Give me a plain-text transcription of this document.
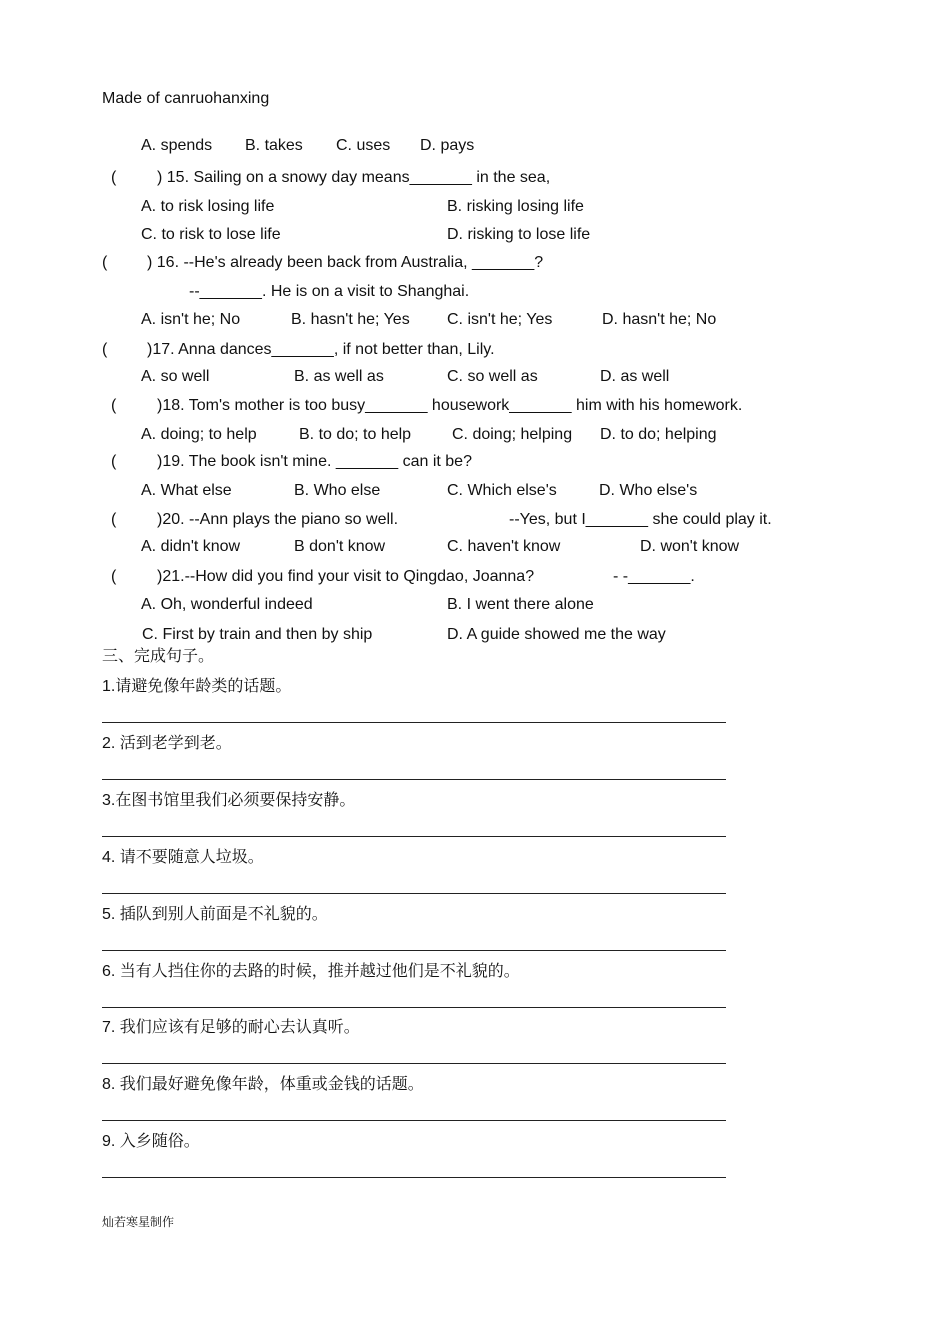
Made of canruohanxing
A. spends B. takes C. uses D. pays
(	) 15. Sailing on a snowy day means_______ in the sea,
A. to risk losing life	B. risking losing life
C. to risk to lose life	D. risking to lose life
( ) 16. --He's already been back from Australia, _______?
--_______. He is on a visit to Shanghai.
A. isn't he; No	B. hasn't he; Yes C. isn't he; Yes	D. hasn't he; No
( )17. Anna dances_______, if not better than, Lily.
A. so well	B. as well as	C. so well as	D. as well
(	)18. Tom's mother is too busy_______ housework_______ him with his homework.
A. doing; to help	B. to do; to help	C. doing; helping D. to do; helping
(	)19. The book isn't mine. _______ can it be?
A. What else	B. Who else	C. Which else's	D. Who else's
(	)20. --Ann plays the piano so well.	--Yes, but I_______ she could play it.
A. didn't know	B don't know	C. haven't know	D. won't know
(	)21.--How did you find your visit to Qingdao, Joanna?	- -_______.
A. Oh, wonderful indeed	B. I went there alone
C. First by train and then by ship	D. A guide showed me the way
三、完成句子。
1.请避免像年龄类的话题。
2. 活到老学到老。
3.在图书馆里我们必须要保持安静。
4. 请不要随意人垃圾。
5. 插队到别人前面是不礼貌的。
6. 当有人挡住你的去路的时候，推并越过他们是不礼貌的。
7. 我们应该有足够的耐心去认真听。
8. 我们最好避免像年龄，体重或金钱的话题。
9. 入乡随俗。
灿若寒星制作
